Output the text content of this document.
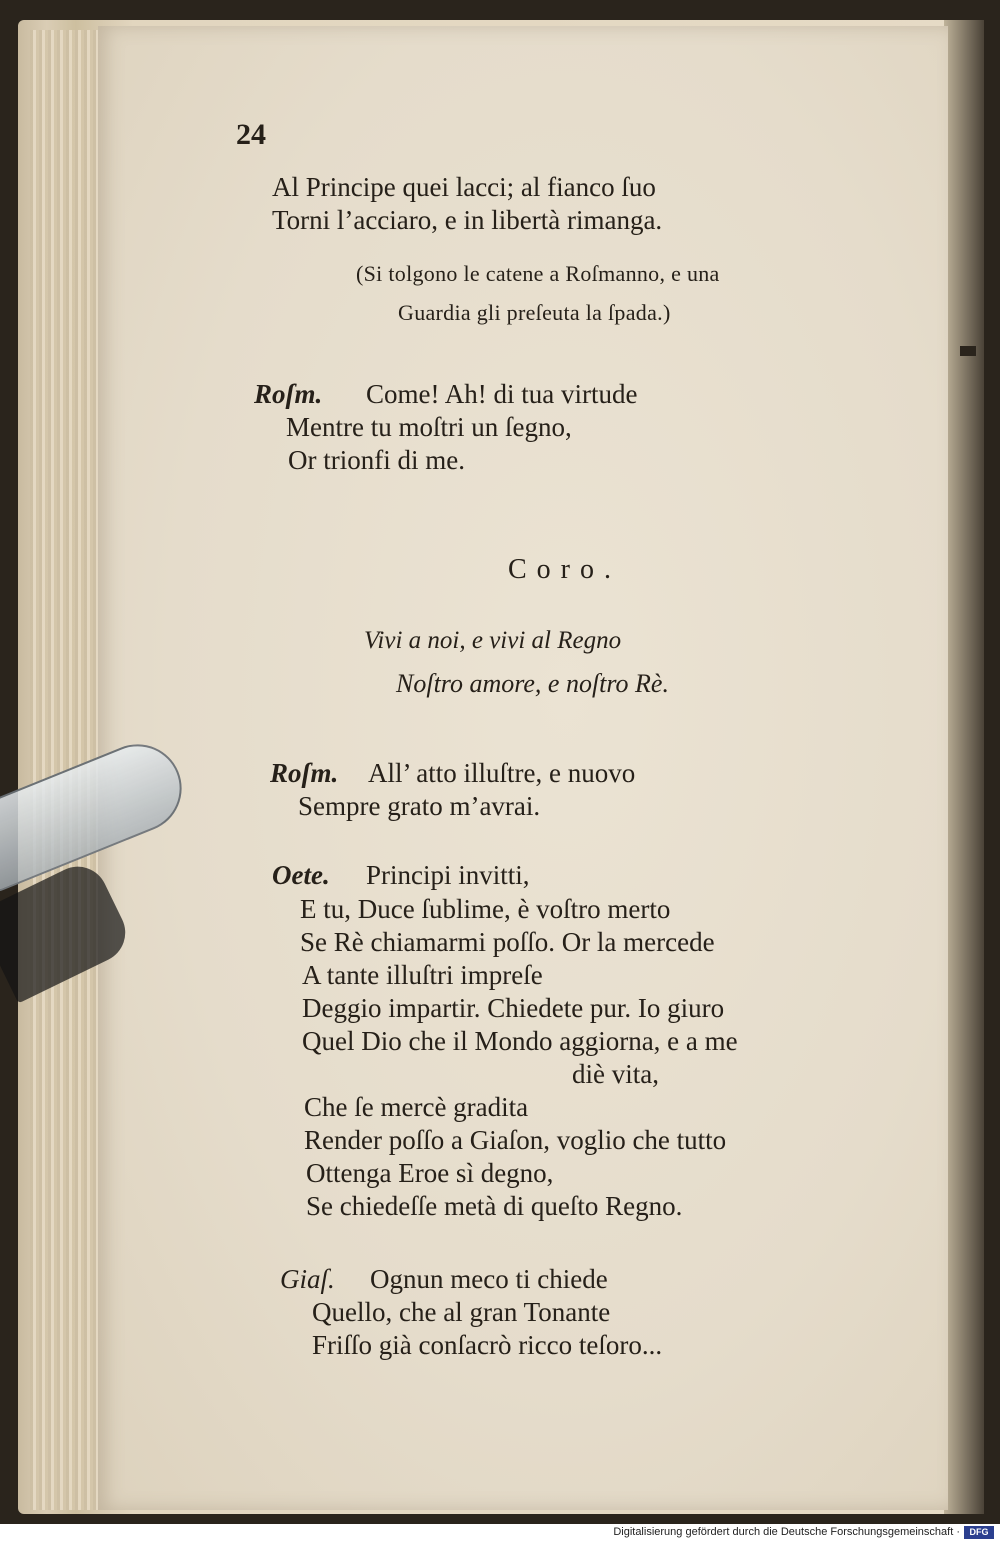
24
Al Principe quei lacci; al fianco ſuo
Torni l’acciaro, e in libertà rimanga.
(Si tolgono le catene a Roſmanno, e una
Guardia gli preſeuta la ſpada.)
Roſm. Come! Ah! di tua virtude
Mentre tu moſtri un ſegno,
Or trionfi di me.
Coro.
Vivi a noi, e vivi al Regno
Noſtro amore, e noſtro Rè.
Roſm. All’ atto illuſtre, e nuovo
Sempre grato m’avrai.
Oete. Principi invitti,
E tu, Duce ſublime, è voſtro merto
Se Rè chiamarmi poſſo. Or la mercede
A tante illuſtri impreſe
Deggio impartir. Chiedete pur. Io giuro
Quel Dio che il Mondo aggiorna, e a me
diè vita,
Che ſe mercè gradita
Render poſſo a Giaſon, voglio che tutto
Ottenga Eroe sì degno,
Se chiedeſſe metà di queſto Regno.
Giaſ. Ognun meco ti chiede
Quello, che al gran Tonante
Friſſo già conſacrò ricco teſoro...
Digitalisierung gefördert durch die Deutsche Forschungsgemeinschaft ·	DFG
